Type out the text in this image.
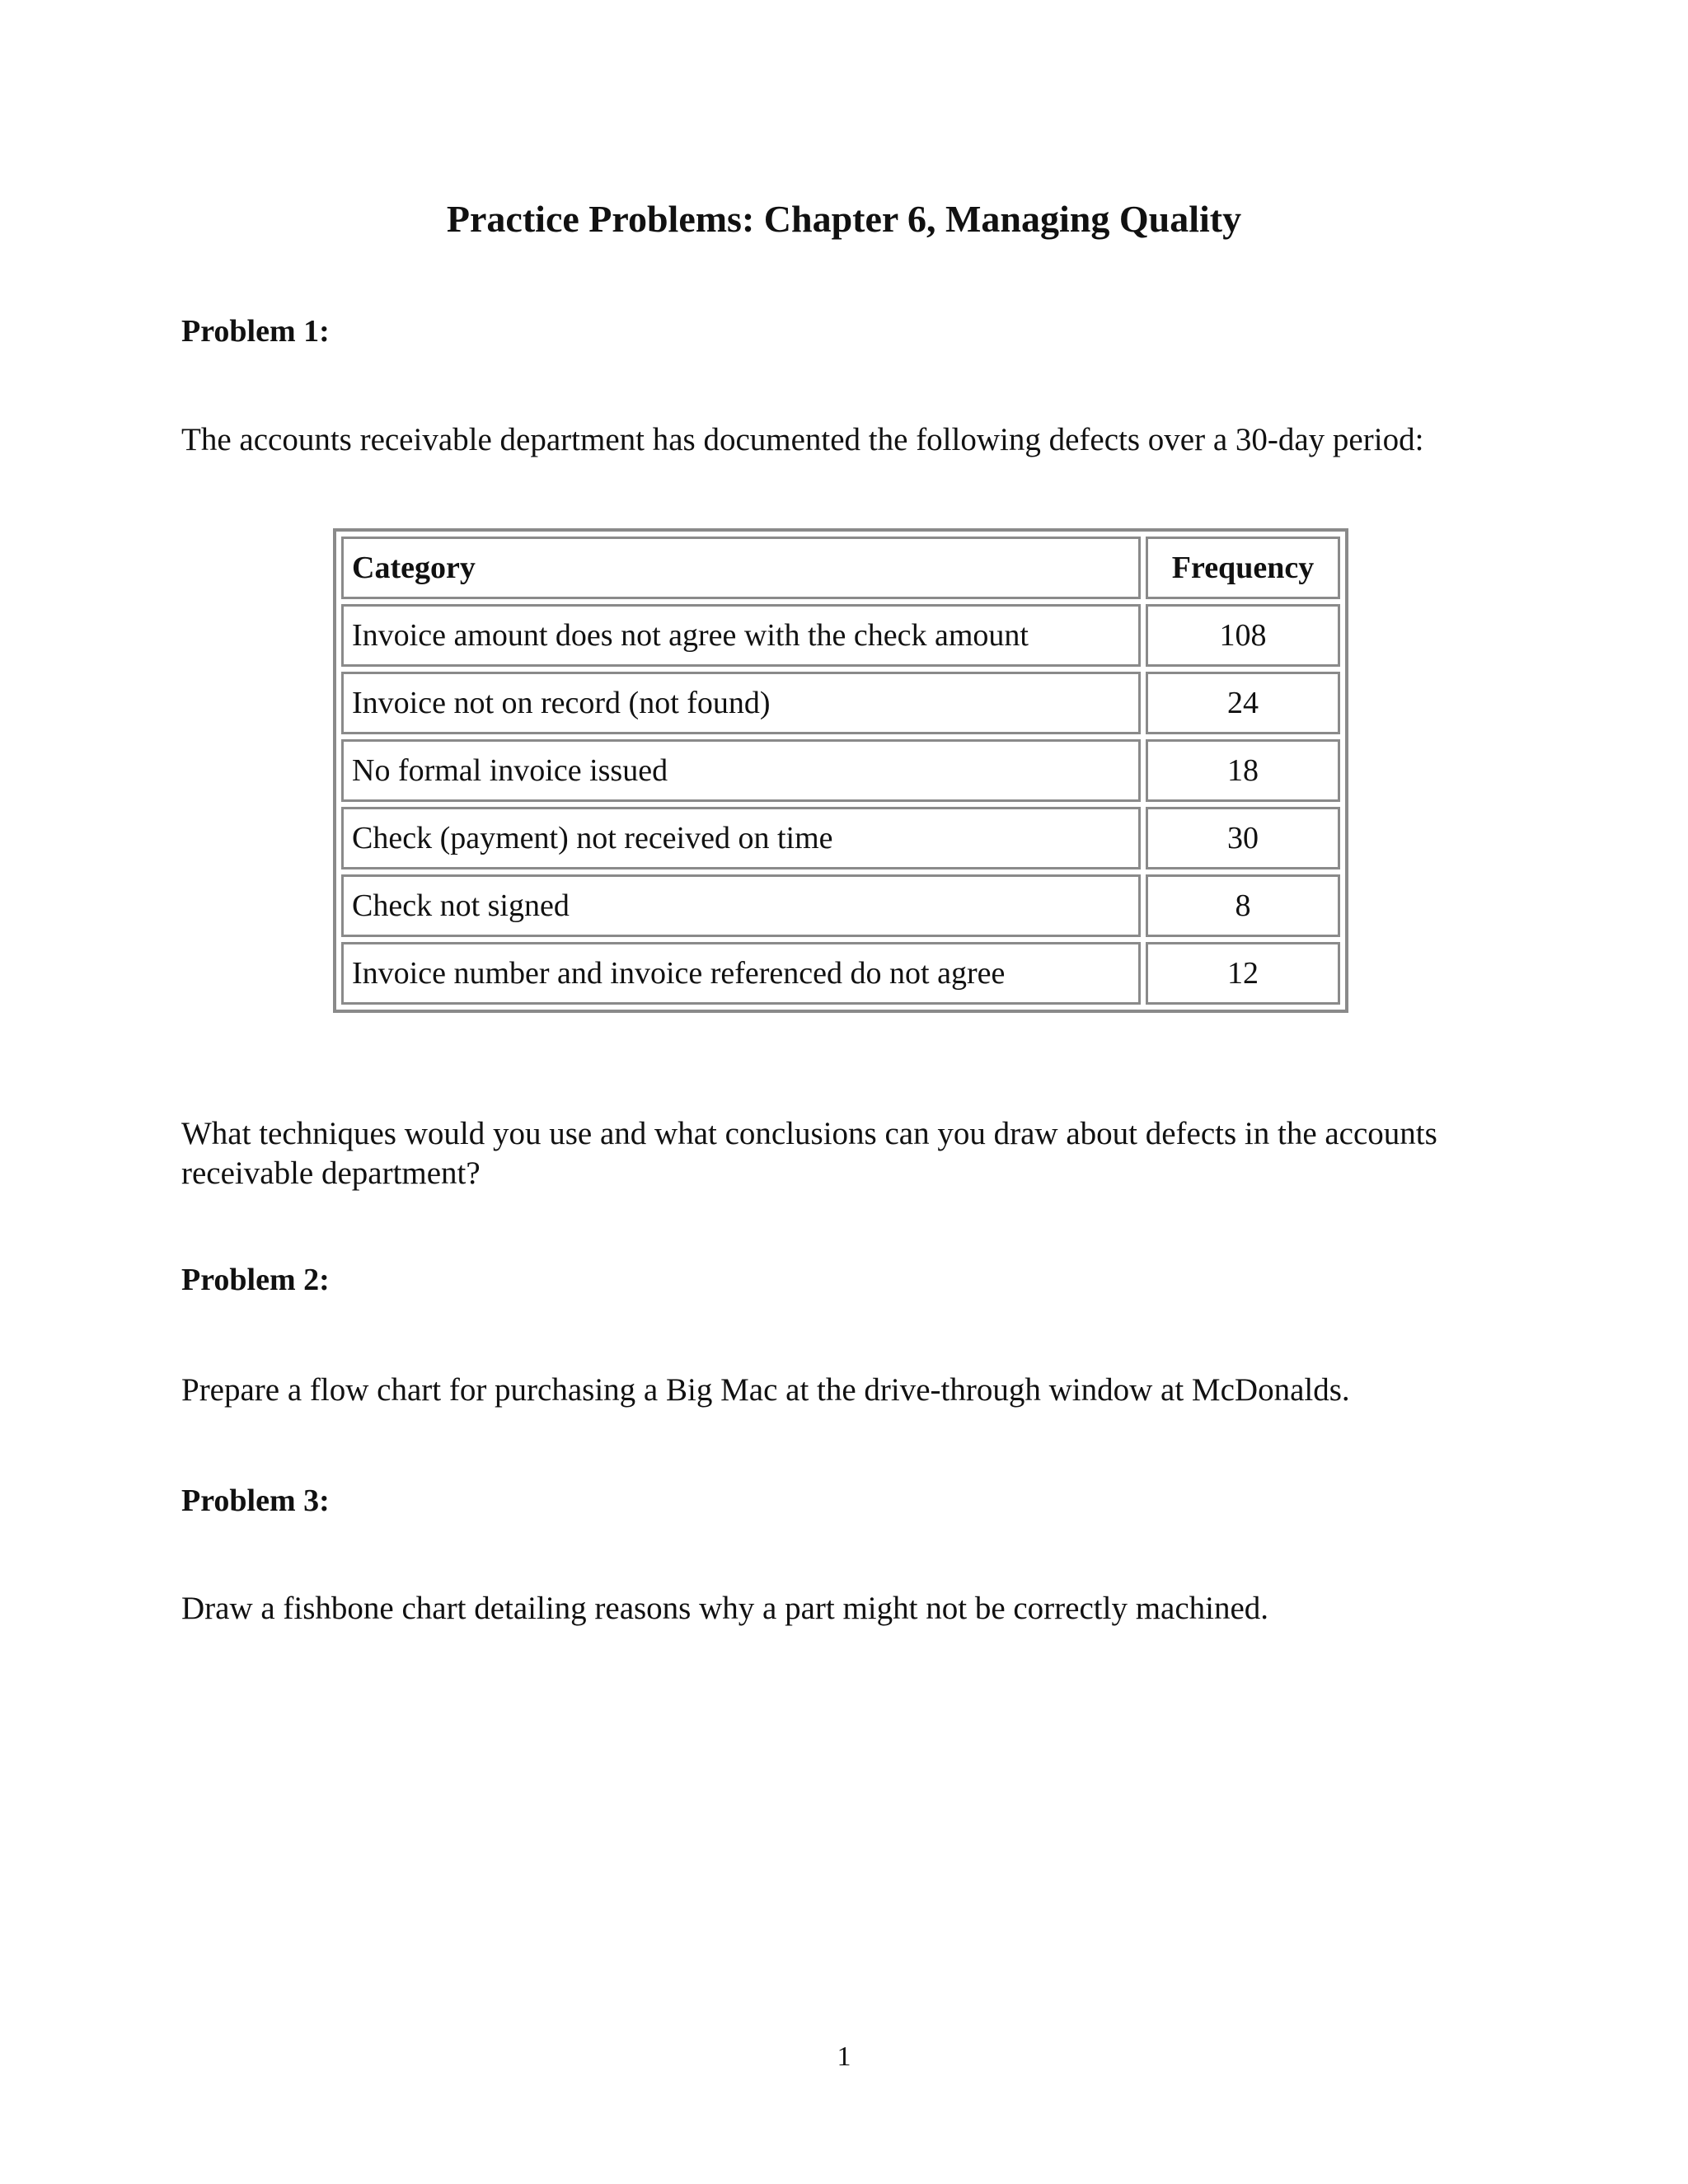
Practice Problems: Chapter 6, Managing Quality

Problem 1:

The accounts receivable department has documented the following defects over a 30-day period:

Category	Frequency
Invoice amount does not agree with the check amount	108
Invoice not on record (not found)	24
No formal invoice issued	18
Check (payment) not received on time	30
Check not signed	8
Invoice number and invoice referenced do not agree	12

What techniques would you use and what conclusions can you draw about defects in the accounts receivable department?

Problem 2:

Prepare a flow chart for purchasing a Big Mac at the drive-through window at McDonalds.

Problem 3:

Draw a fishbone chart detailing reasons why a part might not be correctly machined.

1
